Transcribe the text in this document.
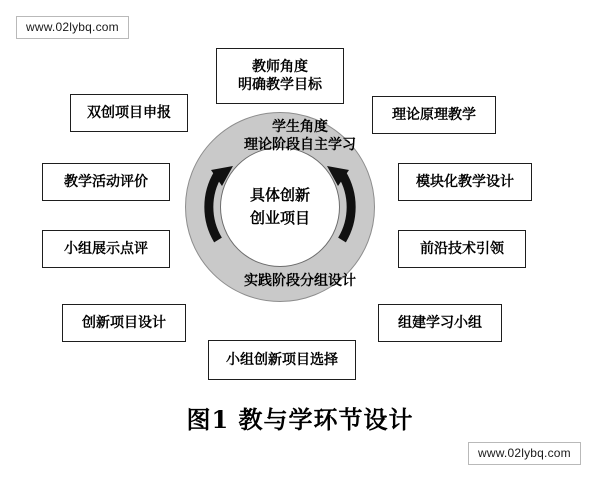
www.02lybq.com
www.02lybq.com
具体创新
创业项目
学生角度
理论阶段自主学习
实践阶段分组设计
教师角度
明确教学目标
双创项目申报	理论原理教学
教学活动评价	模块化教学设计
小组展示点评	前沿技术引领
创新项目设计	组建学习小组
小组创新项目选择
图1 教与学环节设计
